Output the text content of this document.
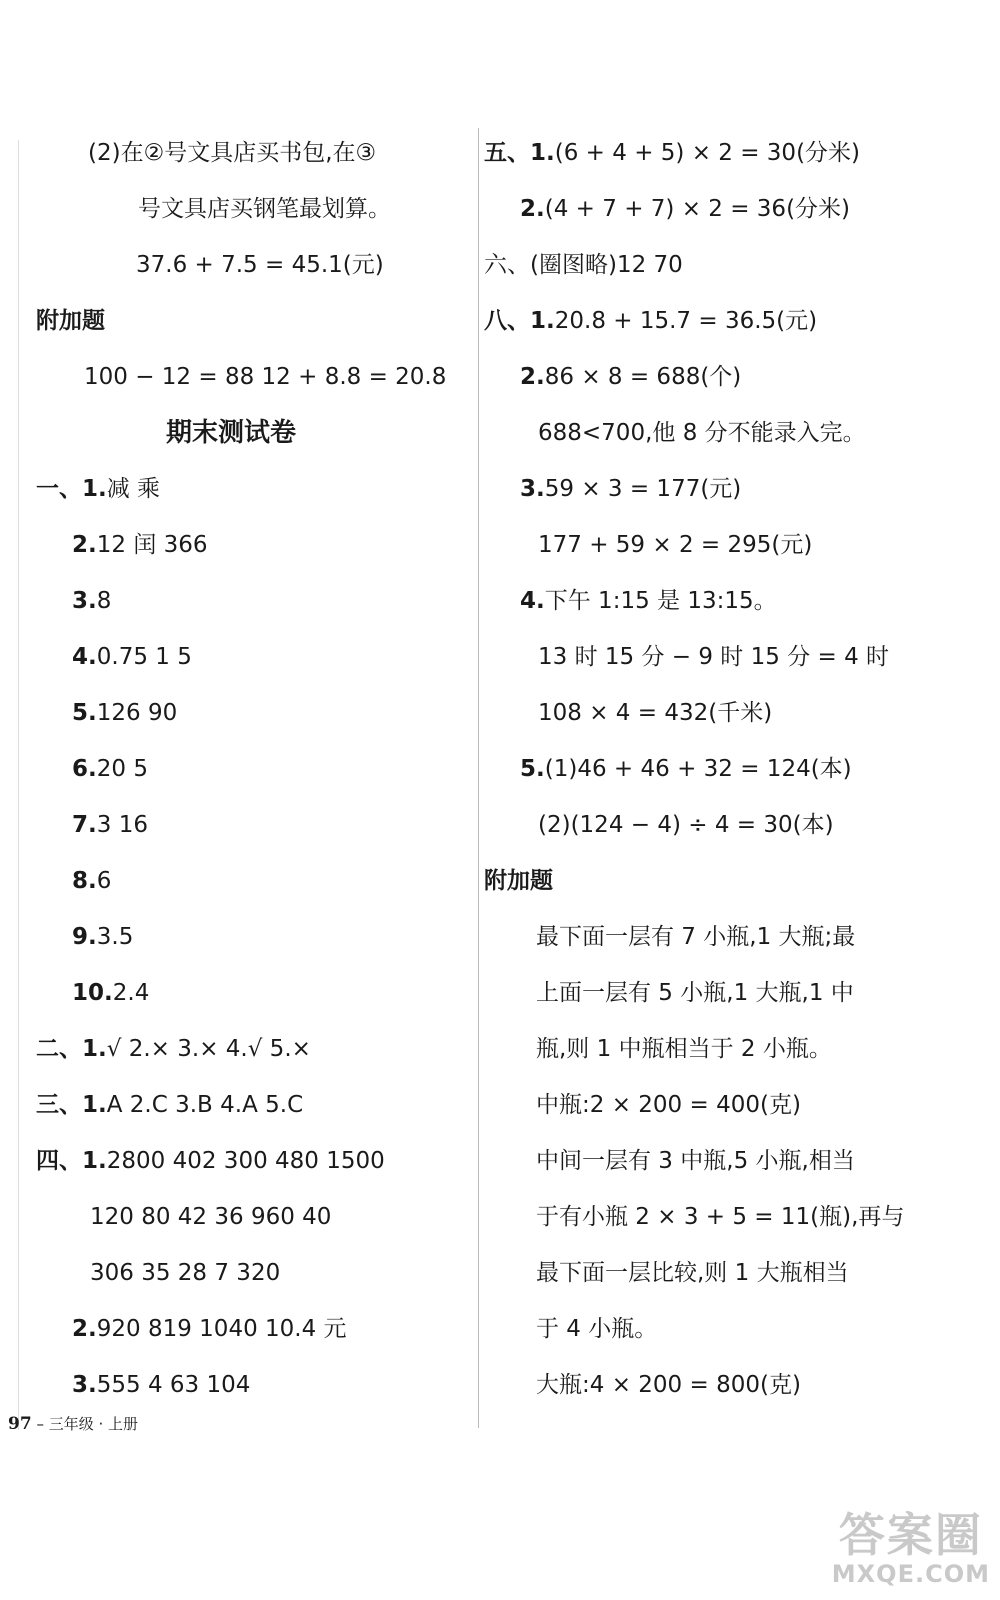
(2)在②号文具店买书包,在③
号文具店买钢笔最划算。
37.6 + 7.5 = 45.1(元)
附加题
100 − 12 = 88 12 + 8.8 = 20.8
期末测试卷
一、1.减 乘
2.12 闰 366
3.8
4.0.75 1 5
5.126 90
6.20 5
7.3 16
8.6
9.3.5
10.2.4
二、1.√ 2.× 3.× 4.√ 5.×
三、1.A 2.C 3.B 4.A 5.C
四、1.2800 402 300 480 1500
120 80 42 36 960 40
306 35 28 7 320
2.920 819 1040 10.4 元
3.555 4 63 104
五、1.(6 + 4 + 5) × 2 = 30(分米)
2.(4 + 7 + 7) × 2 = 36(分米)
六、(圈图略)12 70
八、1.20.8 + 15.7 = 36.5(元)
2.86 × 8 = 688(个)
688<700,他 8 分不能录入完。
3.59 × 3 = 177(元)
177 + 59 × 2 = 295(元)
4.下午 1:15 是 13:15。
13 时 15 分 − 9 时 15 分 = 4 时
108 × 4 = 432(千米)
5.(1)46 + 46 + 32 = 124(本)
(2)(124 − 4) ÷ 4 = 30(本)
附加题
最下面一层有 7 小瓶,1 大瓶;最
上面一层有 5 小瓶,1 大瓶,1 中
瓶,则 1 中瓶相当于 2 小瓶。
中瓶:2 × 200 = 400(克)
中间一层有 3 中瓶,5 小瓶,相当
于有小瓶 2 × 3 + 5 = 11(瓶),再与
最下面一层比较,则 1 大瓶相当
于 4 小瓶。
大瓶:4 × 200 = 800(克)
97 – 三年级 · 上册
答案圈
MXQE.COM
